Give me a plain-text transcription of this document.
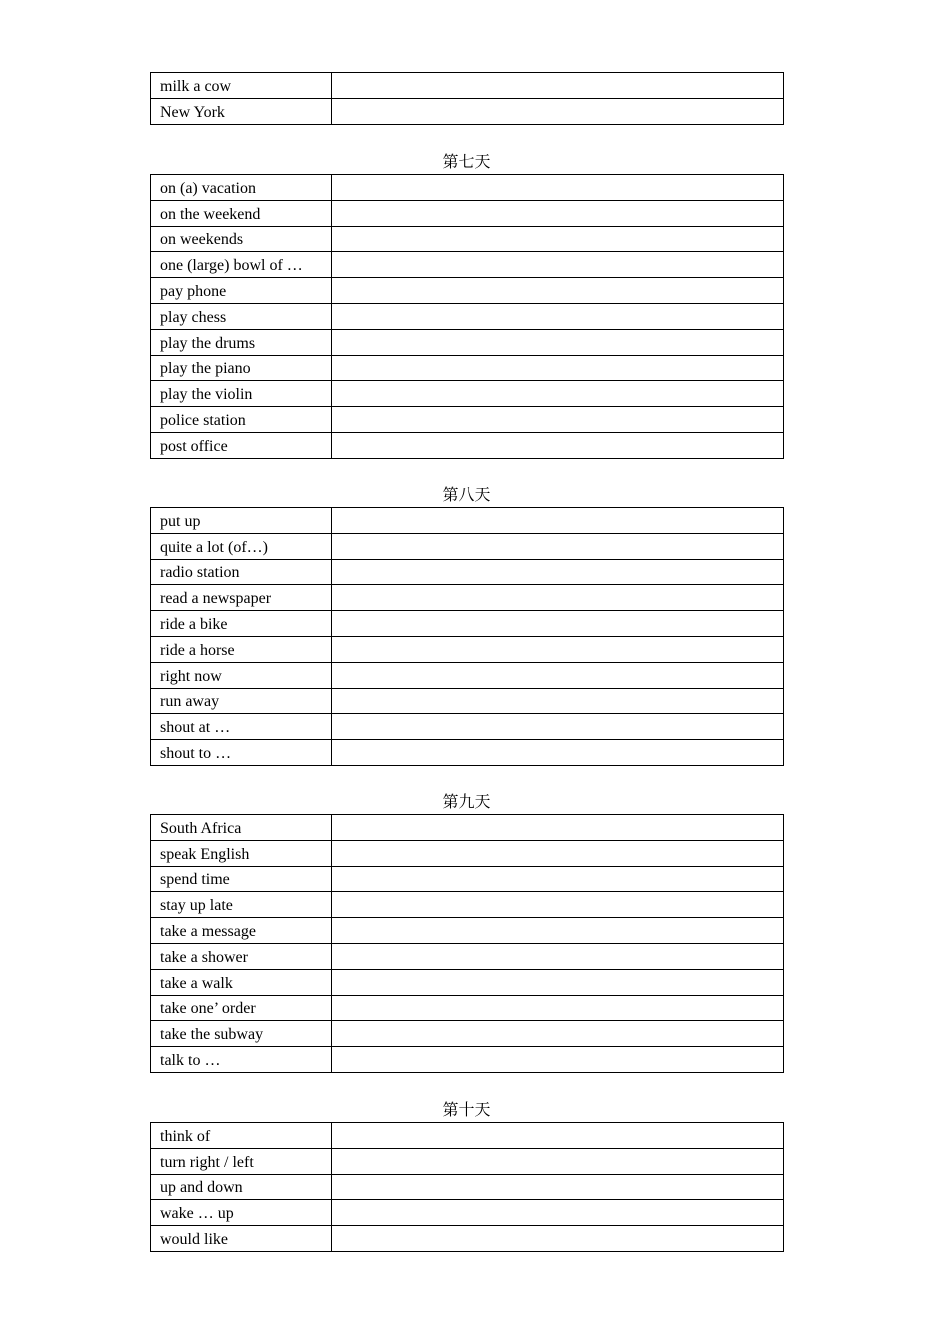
milk a cow	
New York	
第七天
on (a) vacation	
on the weekend	
on weekends	
one (large) bowl of …	
pay phone	
play chess	
play the drums	
play the piano	
play the violin	
police station	
post office	
第八天
put up	
quite a lot (of…)	
radio station	
read a newspaper	
ride a bike	
ride a horse	
right now	
run away	
shout at …	
shout to …	
第九天
South Africa	
speak English	
spend time	
stay up late	
take a message	
take a shower	
take a walk	
take one’ order	
take the subway	
talk to …	
第十天
think of	
turn right / left	
up and down	
wake … up	
would like	
